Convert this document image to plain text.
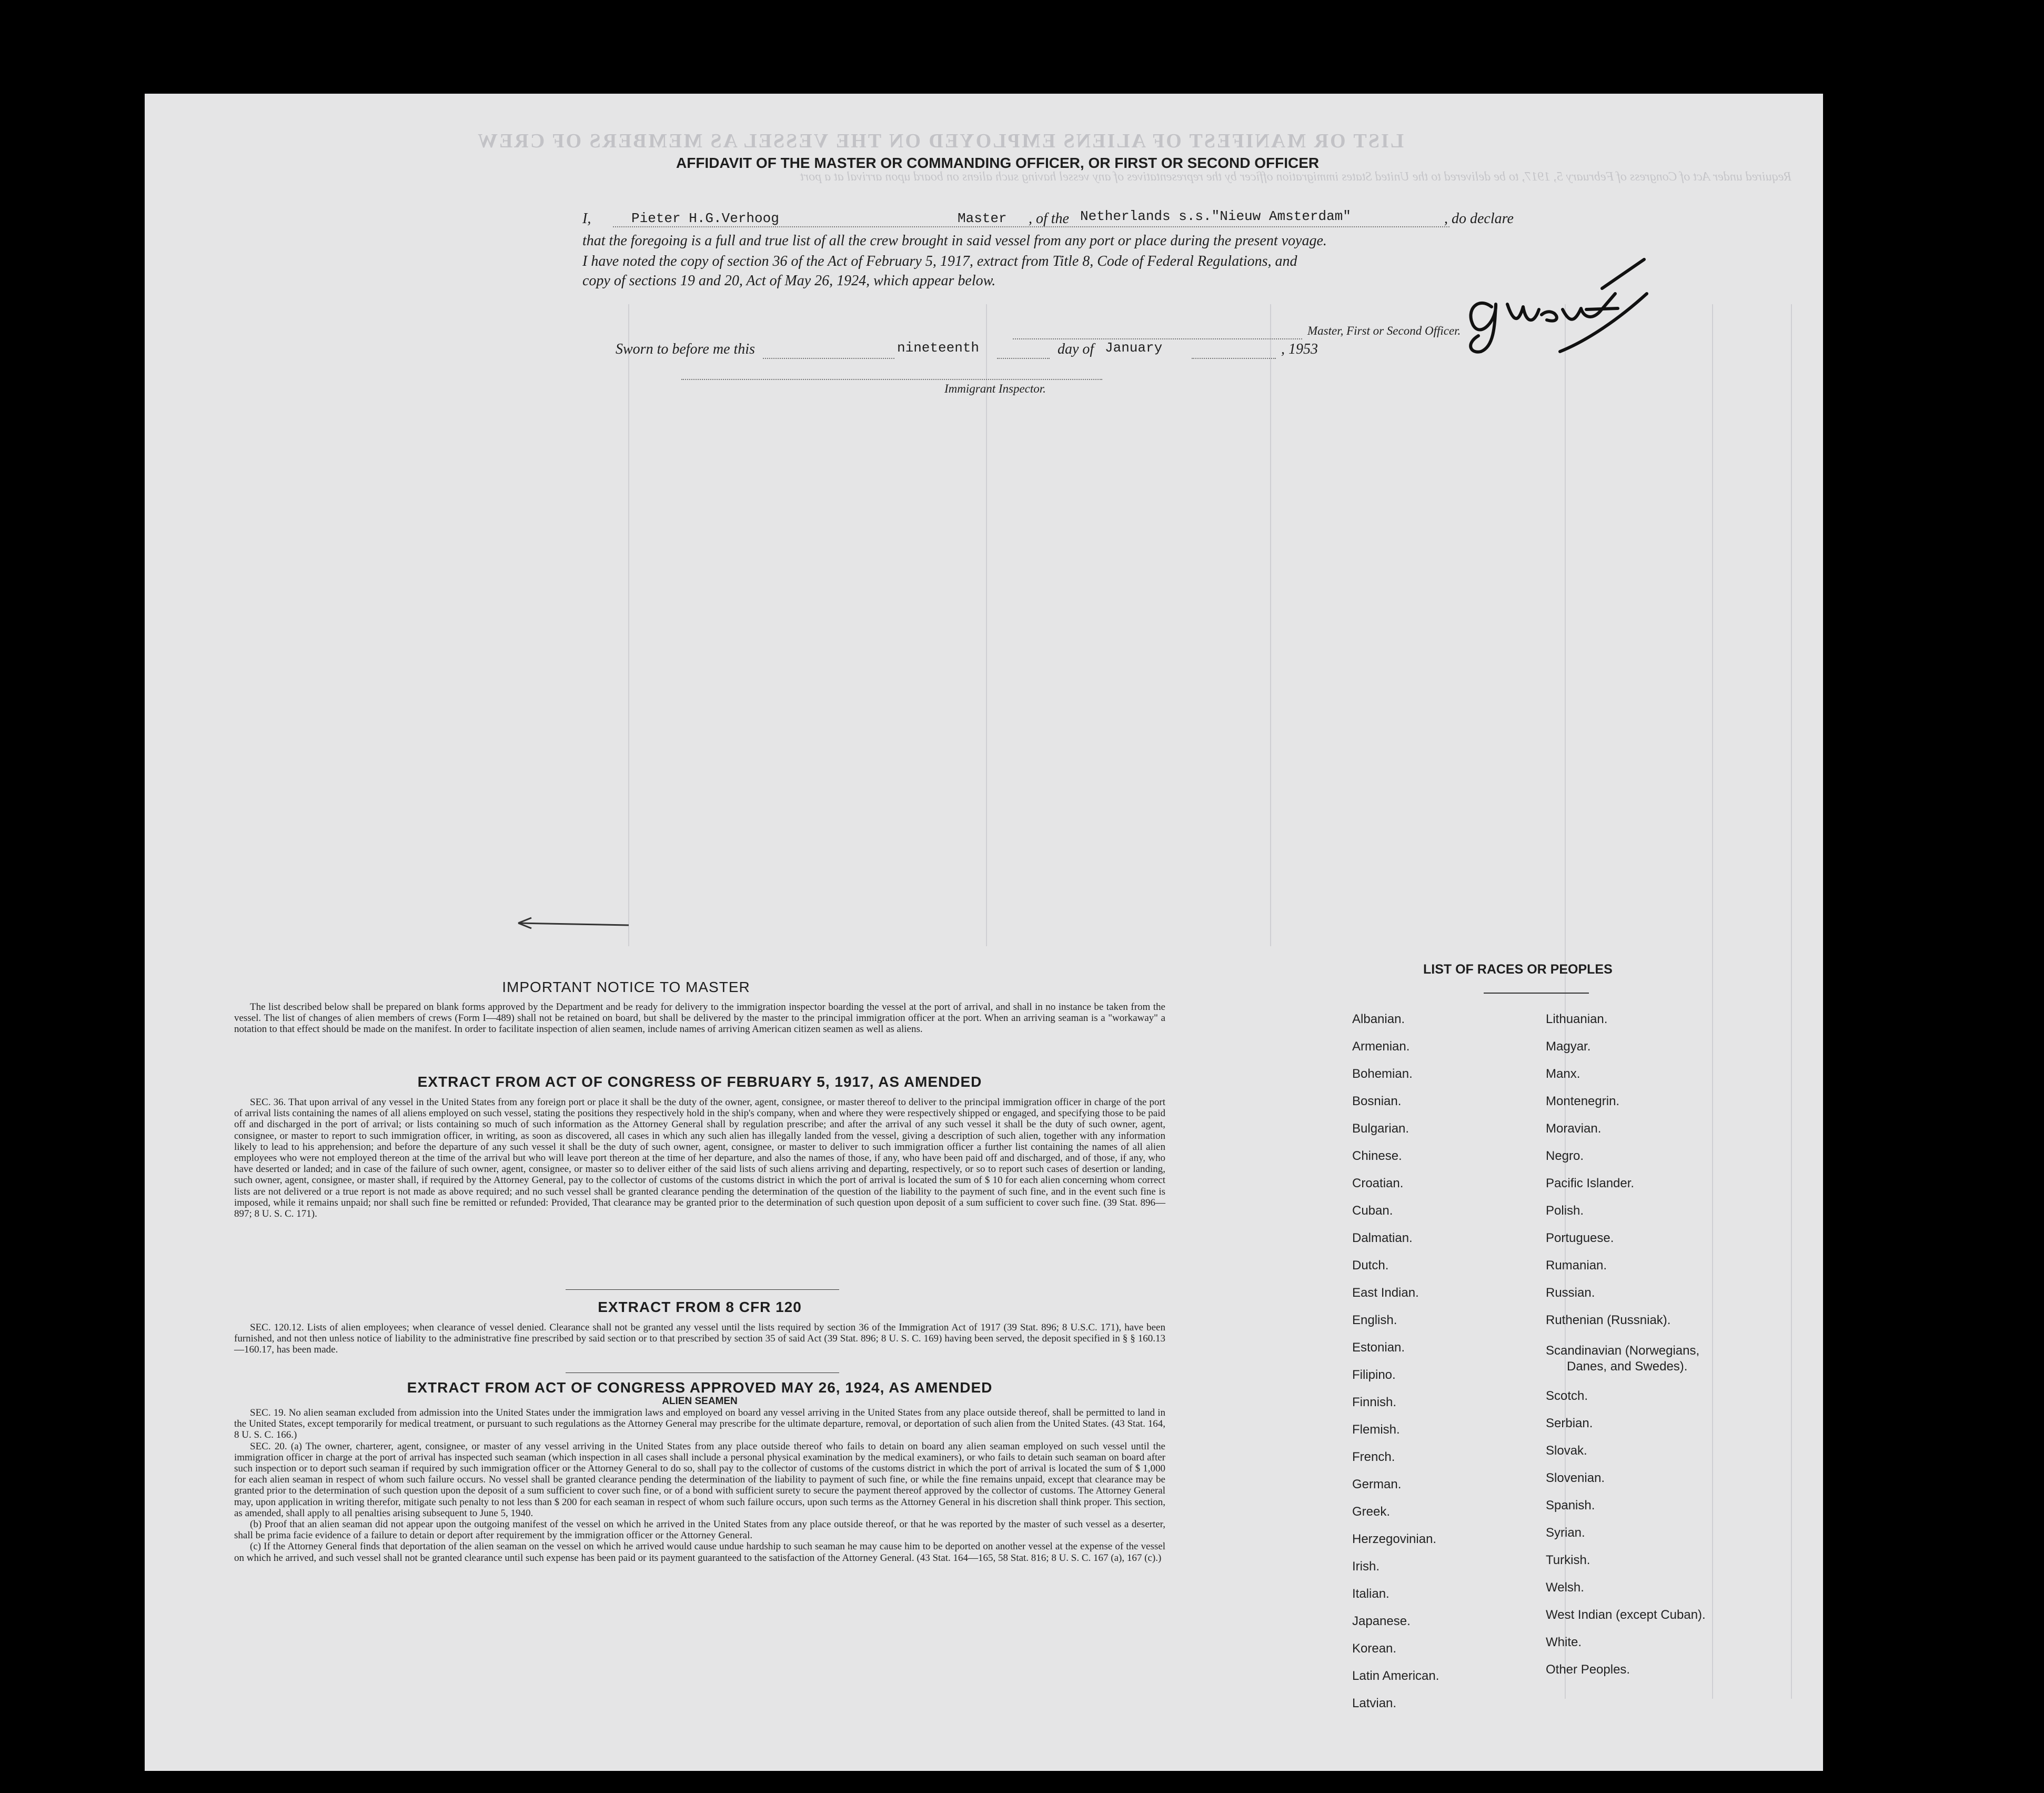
LIST OR MANIFEST OF ALIENS EMPLOYED ON THE VESSEL AS MEMBERS OF CREW
Required under Act of Congress of February 5, 1917, to be delivered to the United States immigration officer by the representatives of any vessel having such aliens on board upon arrival at a port
AFFIDAVIT OF THE MASTER OR COMMANDING OFFICER, OR FIRST OR SECOND OFFICER
I,	Pieter H.G.Verhoog	Master , of the Netherlands s.s."Nieuw Amsterdam"	, do declare
that the foregoing is a full and true list of all the crew brought in said vessel from any port or place during the present voyage.
I have noted the copy of section 36 of the Act of February 5, 1917, extract from Title 8, Code of Federal Regulations, and
copy of sections 19 and 20, Act of May 26, 1924, which appear below.
Master, First or Second Officer.
Sworn to before me this	nineteenth	day of January	, 1953
Immigrant Inspector.
IMPORTANT NOTICE TO MASTER

The list described below shall be prepared on blank forms approved by the Department and be ready for delivery to the immigration inspector boarding the vessel at the port of arrival, and shall in no instance be taken from the vessel. The list of changes of alien members of crews (Form I—489) shall not be retained on board, but shall be delivered by the master to the principal immigration officer at the port. When an arriving seaman is a "workaway" a notation to that effect should be made on the manifest. In order to facilitate inspection of alien seamen, include names of arriving American citizen seamen as well as aliens.

EXTRACT FROM ACT OF CONGRESS OF FEBRUARY 5, 1917, AS AMENDED

SEC. 36. That upon arrival of any vessel in the United States from any foreign port or place it shall be the duty of the owner, agent, consignee, or master thereof to deliver to the principal immigration officer in charge of the port of arrival lists containing the names of all aliens employed on such vessel, stating the positions they respectively hold in the ship's company, when and where they were respectively shipped or engaged, and specifying those to be paid off and discharged in the port of arrival; or lists containing so much of such information as the Attorney General shall by regulation prescribe; and after the arrival of any such vessel it shall be the duty of such owner, agent, consignee, or master to report to such immigration officer, in writing, as soon as discovered, all cases in which any such alien has illegally landed from the vessel, giving a description of such alien, together with any information likely to lead to his apprehension; and before the departure of any such vessel it shall be the duty of such owner, agent, consignee, or master to deliver to such immigration officer a further list containing the names of all alien employees who were not employed thereon at the time of the arrival but who will leave port thereon at the time of her departure, and also the names of those, if any, who have been paid off and discharged, and of those, if any, who have deserted or landed; and in case of the failure of such owner, agent, consignee, or master so to deliver either of the said lists of such aliens arriving and departing, respectively, or so to report such cases of desertion or landing, such owner, agent, consignee, or master shall, if required by the Attorney General, pay to the collector of customs of the customs district in which the port of arrival is located the sum of $ 10 for each alien concerning whom correct lists are not delivered or a true report is not made as above required; and no such vessel shall be granted clearance pending the determination of the question of the liability to the payment of such fine, and in the event such fine is imposed, while it remains unpaid; nor shall such fine be remitted or refunded: Provided, That clearance may be granted prior to the determination of such question upon deposit of a sum sufficient to cover such fine. (39 Stat. 896—897; 8 U. S. C. 171).

EXTRACT FROM 8 CFR 120

SEC. 120.12. Lists of alien employees; when clearance of vessel denied. Clearance shall not be granted any vessel until the lists required by section 36 of the Immigration Act of 1917 (39 Stat. 896; 8 U.S.C. 171), have been furnished, and not then unless notice of liability to the administrative fine prescribed by said section or to that prescribed by section 35 of said Act (39 Stat. 896; 8 U. S. C. 169) having been served, the deposit specified in § § 160.13—160.17, has been made.

EXTRACT FROM ACT OF CONGRESS APPROVED MAY 26, 1924, AS AMENDED
ALIEN SEAMEN

SEC. 19. No alien seaman excluded from admission into the United States under the immigration laws and employed on board any vessel arriving in the United States from any place outside thereof, shall be permitted to land in the United States, except temporarily for medical treatment, or pursuant to such regulations as the Attorney General may prescribe for the ultimate departure, removal, or deportation of such alien from the United States. (43 Stat. 164, 8 U. S. C. 166.)

SEC. 20. (a) The owner, charterer, agent, consignee, or master of any vessel arriving in the United States from any place outside thereof who fails to detain on board any alien seaman employed on such vessel until the immigration officer in charge at the port of arrival has inspected such seaman (which inspection in all cases shall include a personal physical examination by the medical examiners), or who fails to detain such seaman on board after such inspection or to deport such seaman if required by such immigration officer or the Attorney General to do so, shall pay to the collector of customs of the customs district in which the port of arrival is located the sum of $ 1,000 for each alien seaman in respect of whom such failure occurs. No vessel shall be granted clearance pending the determination of the liability to payment of such fine, or while the fine remains unpaid, except that clearance may be granted prior to the determination of such question upon the deposit of a sum sufficient to cover such fine, or of a bond with sufficient surety to secure the payment thereof approved by the collector of customs. The Attorney General may, upon application in writing therefor, mitigate such penalty to not less than $ 200 for each seaman in respect of whom such failure occurs, upon such terms as the Attorney General in his discretion shall think proper. This section, as amended, shall apply to all penalties arising subsequent to June 5, 1940.

(b) Proof that an alien seaman did not appear upon the outgoing manifest of the vessel on which he arrived in the United States from any place outside thereof, or that he was reported by the master of such vessel as a deserter, shall be prima facie evidence of a failure to detain or deport after requirement by the immigration officer or the Attorney General.

(c) If the Attorney General finds that deportation of the alien seaman on the vessel on which he arrived would cause undue hardship to such seaman he may cause him to be deported on another vessel at the expense of the vessel on which he arrived, and such vessel shall not be granted clearance until such expense has been paid or its payment guaranteed to the satisfaction of the Attorney General. (43 Stat. 164—165, 58 Stat. 816; 8 U. S. C. 167 (a), 167 (c).)

LIST OF RACES OR PEOPLES
Albanian.
Armenian.
Bohemian.
Bosnian.
Bulgarian.
Chinese.
Croatian.
Cuban.
Dalmatian.
Dutch.
East Indian.
English.
Estonian.
Filipino.
Finnish.
Flemish.
French.
German.
Greek.
Herzegovinian.
Irish.
Italian.
Japanese.
Korean.
Latin American.
Latvian.
Lithuanian.
Magyar.
Manx.
Montenegrin.
Moravian.
Negro.
Pacific Islander.
Polish.
Portuguese.
Rumanian.
Russian.
Ruthenian (Russniak).
Scandinavian (Norwegians,
Danes, and Swedes).
Scotch.
Serbian.
Slovak.
Slovenian.
Spanish.
Syrian.
Turkish.
Welsh.
West Indian (except Cuban).
White.
Other Peoples.
